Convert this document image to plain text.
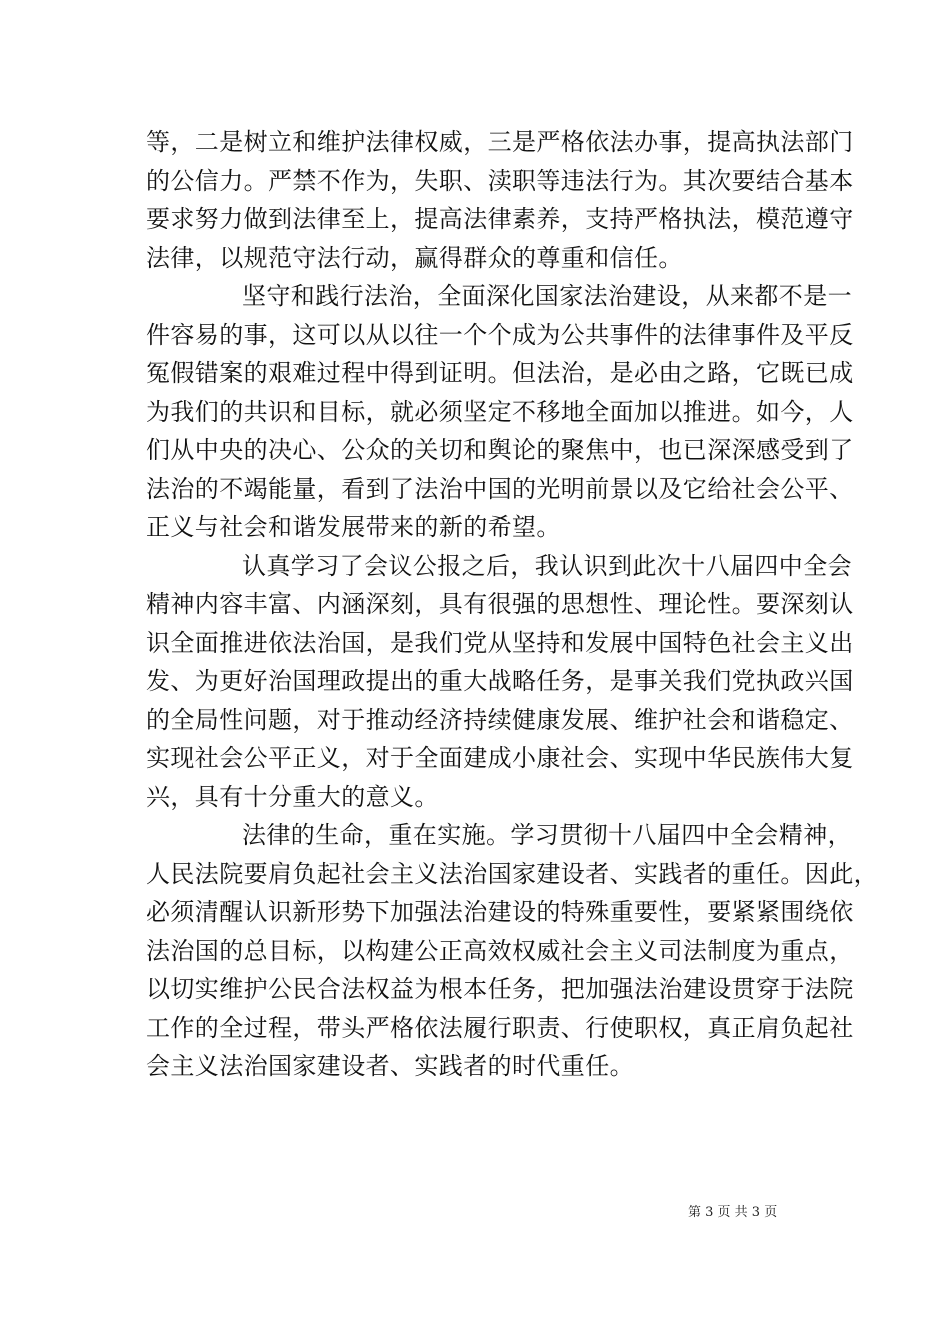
等，二是树立和维护法律权威，三是严格依法办事，提高执法部门
的公信力。严禁不作为，失职、渎职等违法行为。其次要结合基本
要求努力做到法律至上，提高法律素养，支持严格执法，模范遵守
法律，以规范守法行动，赢得群众的尊重和信任。
坚守和践行法治，全面深化国家法治建设，从来都不是一
件容易的事，这可以从以往一个个成为公共事件的法律事件及平反
冤假错案的艰难过程中得到证明。但法治，是必由之路，它既已成
为我们的共识和目标，就必须坚定不移地全面加以推进。如今，人
们从中央的决心、公众的关切和舆论的聚焦中，也已深深感受到了
法治的不竭能量，看到了法治中国的光明前景以及它给社会公平、
正义与社会和谐发展带来的新的希望。
认真学习了会议公报之后，我认识到此次十八届四中全会
精神内容丰富、内涵深刻，具有很强的思想性、理论性。要深刻认
识全面推进依法治国，是我们党从坚持和发展中国特色社会主义出
发、为更好治国理政提出的重大战略任务，是事关我们党执政兴国
的全局性问题，对于推动经济持续健康发展、维护社会和谐稳定、
实现社会公平正义，对于全面建成小康社会、实现中华民族伟大复
兴，具有十分重大的意义。
法律的生命，重在实施。学习贯彻十八届四中全会精神，
人民法院要肩负起社会主义法治国家建设者、实践者的重任。因此，
必须清醒认识新形势下加强法治建设的特殊重要性，要紧紧围绕依
法治国的总目标，以构建公正高效权威社会主义司法制度为重点，
以切实维护公民合法权益为根本任务，把加强法治建设贯穿于法院
工作的全过程，带头严格依法履行职责、行使职权，真正肩负起社
会主义法治国家建设者、实践者的时代重任。
第 3 页 共 3 页
